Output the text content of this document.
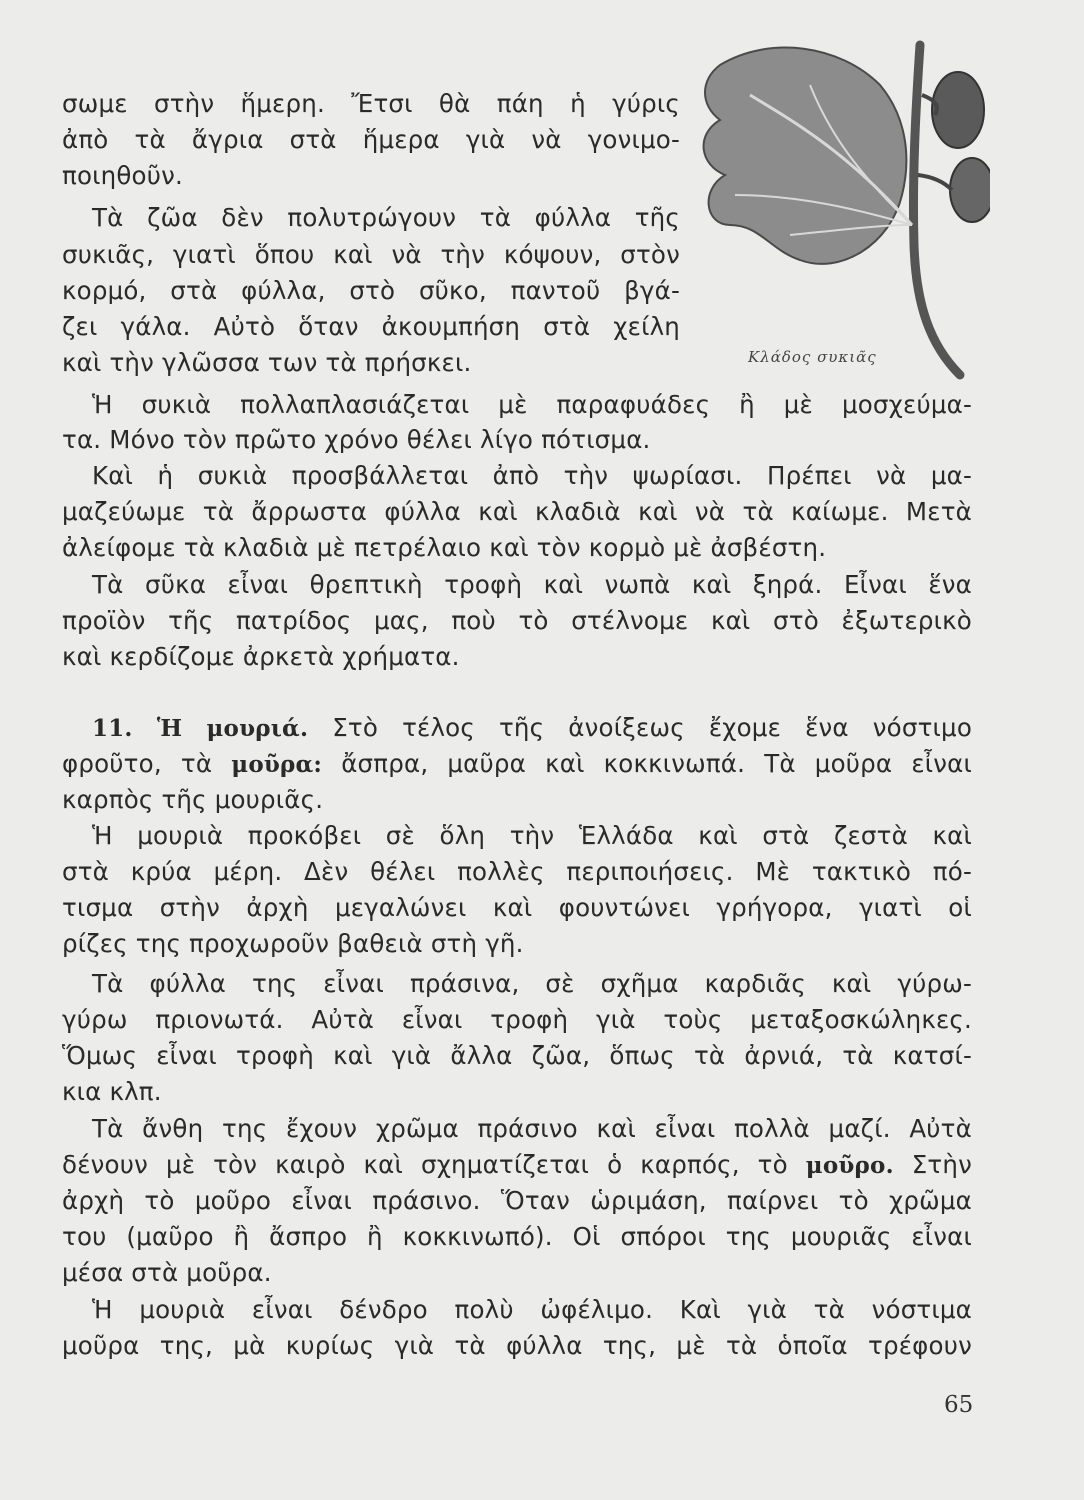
Κλάδος συκιᾶς
σωμε στὴν ἥμερη. Ἔτσι θὰ πάη ἡ γύρις
ἀπὸ τὰ ἄγρια στὰ ἥμερα γιὰ νὰ γονιμο-
ποιηθοῦν.
Τὰ ζῶα δὲν πολυτρώγουν τὰ φύλλα τῆς
συκιᾶς, γιατὶ ὅπου καὶ νὰ τὴν κόψουν, στὸν
κορμό, στὰ φύλλα, στὸ σῦκο, παντοῦ βγά-
ζει γάλα. Αὐτὸ ὅταν ἀκουμπήση στὰ χείλη
καὶ τὴν γλῶσσα των τὰ πρήσκει.
Ἡ συκιὰ πολλαπλασιάζεται μὲ παραφυάδες ἢ μὲ μοσχεύμα-
τα. Μόνο τὸν πρῶτο χρόνο θέλει λίγο πότισμα.
Καὶ ἡ συκιὰ προσβάλλεται ἀπὸ τὴν ψωρίασι. Πρέπει νὰ μα-
μαζεύωμε τὰ ἄρρωστα φύλλα καὶ κλαδιὰ καὶ νὰ τὰ καίωμε. Μετὰ
ἀλείφομε τὰ κλαδιὰ μὲ πετρέλαιο καὶ τὸν κορμὸ μὲ ἀσβέστη.
Τὰ σῦκα εἶναι θρεπτικὴ τροφὴ καὶ νωπὰ καὶ ξηρά. Εἶναι ἕνα
προϊὸν τῆς πατρίδος μας, ποὺ τὸ στέλνομε καὶ στὸ ἐξωτερικὸ
καὶ κερδίζομε ἀρκετὰ χρήματα.
11. Ἡ μουριά. Στὸ τέλος τῆς ἀνοίξεως ἔχομε ἕνα νόστιμο
φροῦτο, τὰ μοῦρα: ἄσπρα, μαῦρα καὶ κοκκινωπά. Τὰ μοῦρα εἶναι
καρπὸς τῆς μουριᾶς.
Ἡ μουριὰ προκόβει σὲ ὅλη τὴν Ἑλλάδα καὶ στὰ ζεστὰ καὶ
στὰ κρύα μέρη. Δὲν θέλει πολλὲς περιποιήσεις. Μὲ τακτικὸ πό-
τισμα στὴν ἀρχὴ μεγαλώνει καὶ φουντώνει γρήγορα, γιατὶ οἱ
ρίζες της προχωροῦν βαθειὰ στὴ γῆ.
Τὰ φύλλα της εἶναι πράσινα, σὲ σχῆμα καρδιᾶς καὶ γύρω-
γύρω πριονωτά. Αὐτὰ εἶναι τροφὴ γιὰ τοὺς μεταξοσκώληκες.
Ὅμως εἶναι τροφὴ καὶ γιὰ ἄλλα ζῶα, ὅπως τὰ ἀρνιά, τὰ κατσί-
κια κλπ.
Τὰ ἄνθη της ἔχουν χρῶμα πράσινο καὶ εἶναι πολλὰ μαζί. Αὐτὰ
δένουν μὲ τὸν καιρὸ καὶ σχηματίζεται ὁ καρπός, τὸ μοῦρο. Στὴν
ἀρχὴ τὸ μοῦρο εἶναι πράσινο. Ὅταν ὡριμάση, παίρνει τὸ χρῶμα
του (μαῦρο ἢ ἄσπρο ἢ κοκκινωπό). Οἱ σπόροι της μουριᾶς εἶναι
μέσα στὰ μοῦρα.
Ἡ μουριὰ εἶναι δένδρο πολὺ ὠφέλιμο. Καὶ γιὰ τὰ νόστιμα
μοῦρα της, μὰ κυρίως γιὰ τὰ φύλλα της, μὲ τὰ ὁποῖα τρέφουν
65
